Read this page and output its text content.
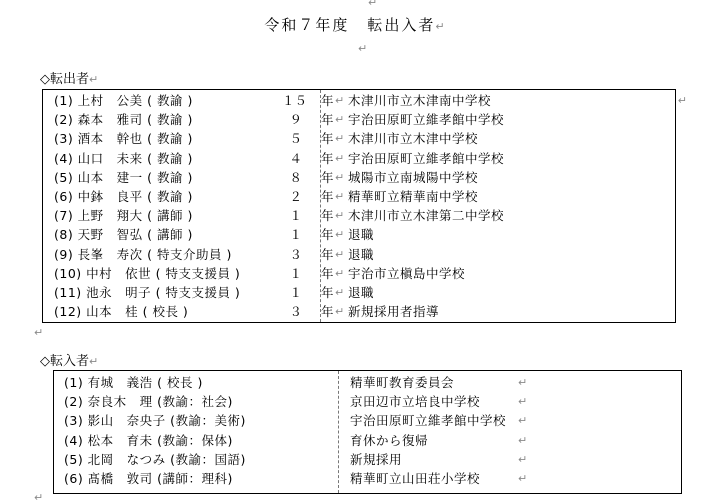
↵
令和７年度 転出入者↵
↵
◇転出者↵
↵
(1) 上村　公美 ( 教諭 )	１５ 年 ↵ 木津川市立木津南中学校
(2) 森本　雅司 ( 教諭 )	９ 年 ↵ 宇治田原町立維孝館中学校
(3) 酒本　幹也 ( 教諭 )	５ 年 ↵ 木津川市立木津中学校
(4) 山口　未来 ( 教諭 )	４ 年 ↵ 宇治田原町立維孝館中学校
(5) 山本　建一 ( 教諭 )	８ 年 ↵ 城陽市立南城陽中学校
(6) 中鉢　良平 ( 教諭 )	２ 年 ↵ 精華町立精華南中学校
(7) 上野　翔大 ( 講師 )	１ 年 ↵ 木津川市立木津第二中学校
(8) 天野　智弘 ( 講師 )	１ 年 ↵ 退職
(9) 長峯　寿次 ( 特支介助員 )	３ 年 ↵ 退職
(10) 中村　依世 ( 特支支援員 )	１ 年 ↵ 宇治市立槇島中学校
(11) 池永　明子 ( 特支支援員 )	１ 年 ↵ 退職
(12) 山本　桂 ( 校長 )	３ 年 ↵ 新規採用者指導
↵
◇転入者↵
(1) 有城　義浩 ( 校長 )	精華町教育委員会	↵
(2) 奈良木　理 (教諭：社会)	京田辺市立培良中学校	↵
(3) 影山　奈央子 (教諭：美術)	宇治田原町立維孝館中学校 ↵
(4) 松本　育未 (教諭：保体)	育休から復帰	↵
(5) 北岡　なつみ (教諭：国語)	新規採用	↵
(6) 髙橋　敦司 (講師：理科)	精華町立山田荘小学校	↵
↵
